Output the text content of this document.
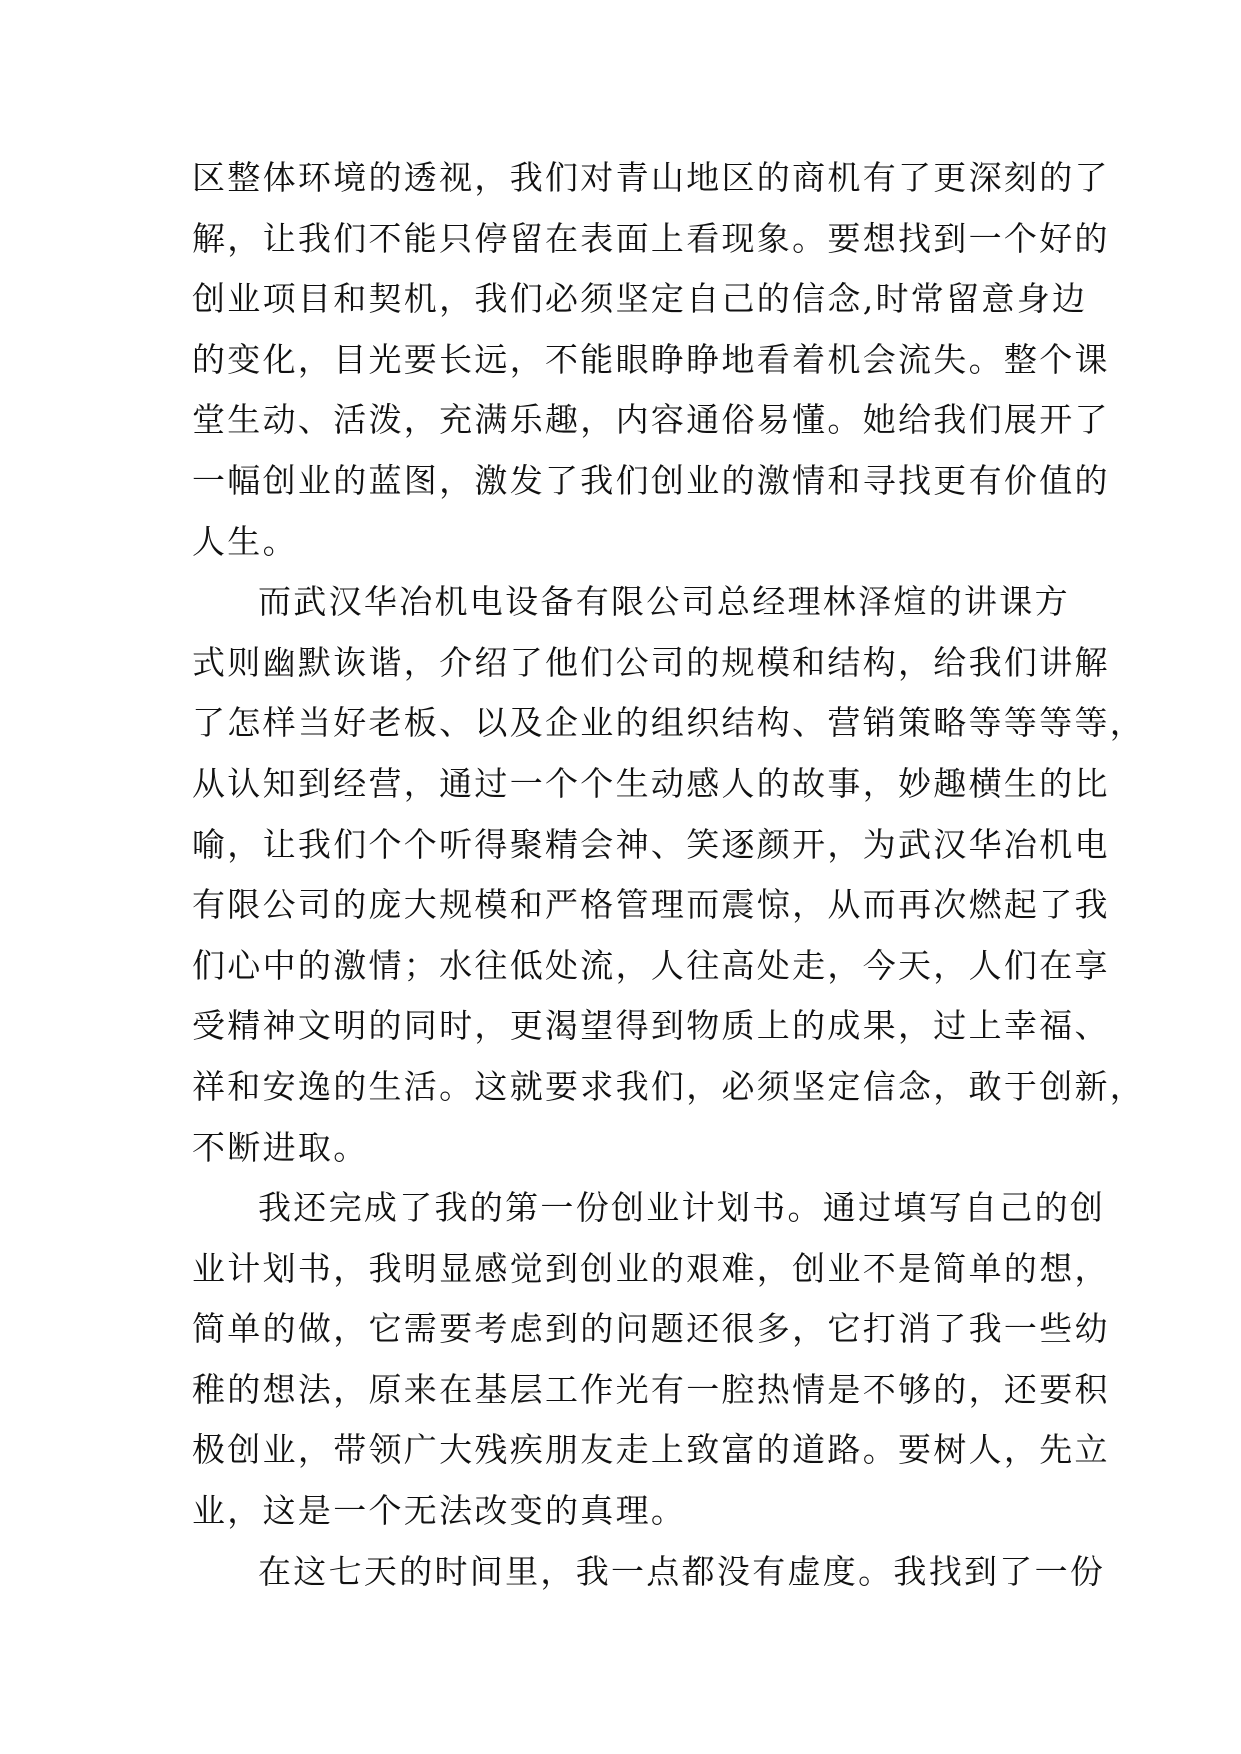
区整体环境的透视，我们对青山地区的商机有了更深刻的了
解，让我们不能只停留在表面上看现象。要想找到一个好的
创业项目和契机，我们必须坚定自己的信念,时常留意身边
的变化，目光要长远，不能眼睁睁地看着机会流失。整个课
堂生动、活泼，充满乐趣，内容通俗易懂。她给我们展开了
一幅创业的蓝图，激发了我们创业的激情和寻找更有价值的
人生。

而武汉华冶机电设备有限公司总经理林泽煊的讲课方
式则幽默诙谐，介绍了他们公司的规模和结构，给我们讲解
了怎样当好老板、以及企业的组织结构、营销策略等等等等，
从认知到经营，通过一个个生动感人的故事，妙趣横生的比
喻，让我们个个听得聚精会神、笑逐颜开，为武汉华冶机电
有限公司的庞大规模和严格管理而震惊，从而再次燃起了我
们心中的激情；水往低处流，人往高处走，今天，人们在享
受精神文明的同时，更渴望得到物质上的成果，过上幸福、
祥和安逸的生活。这就要求我们，必须坚定信念，敢于创新，
不断进取。

我还完成了我的第一份创业计划书。通过填写自己的创
业计划书，我明显感觉到创业的艰难，创业不是简单的想，
简单的做，它需要考虑到的问题还很多，它打消了我一些幼
稚的想法，原来在基层工作光有一腔热情是不够的，还要积
极创业，带领广大残疾朋友走上致富的道路。要树人，先立
业，这是一个无法改变的真理。

在这七天的时间里，我一点都没有虚度。我找到了一份
